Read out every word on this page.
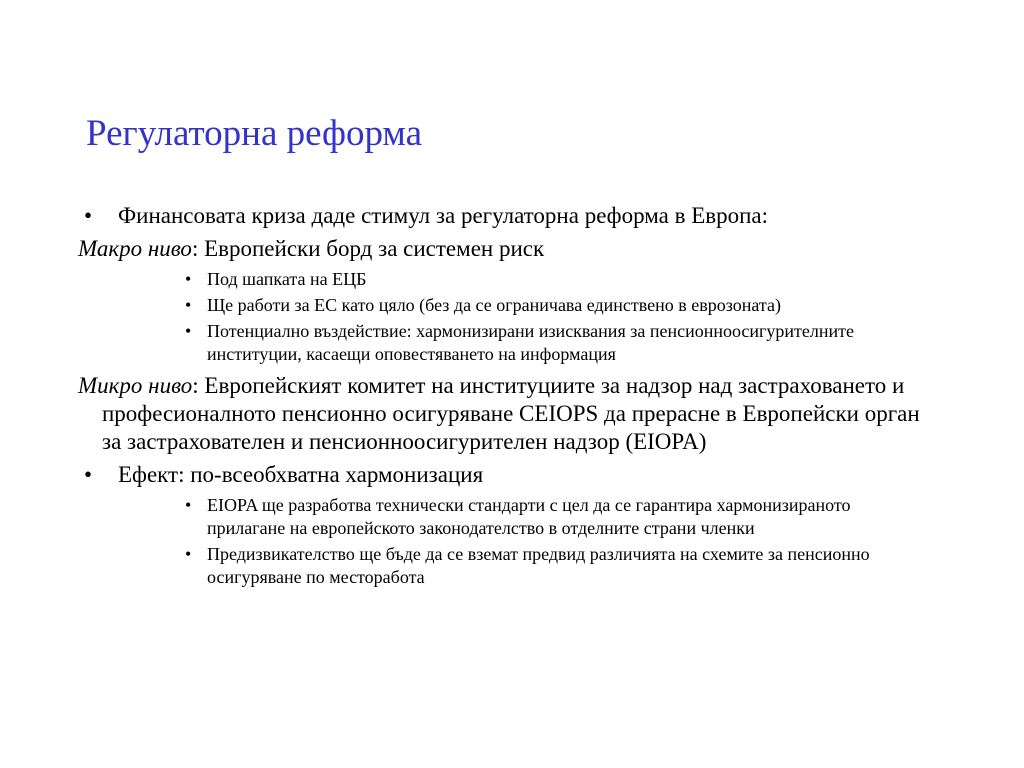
Регулаторна реформа
• Финансовата криза даде стимул за регулаторна реформа в Европа:
Макро ниво: Европейски борд за системен риск
• Под шапката на ЕЦБ
• Ще работи за ЕС като цяло (без да се ограничава единствено в еврозоната)
• Потенциално въздействие: хармонизирани изисквания за пенсионноосигурителните институции, касаещи оповестяването на информация
Микро ниво: Европейският комитет на институциите за надзор над застраховането и професионалното пенсионно осигуряване CEIOPS да прерасне в Европейски орган за застрахователен и пенсионноосигурителен надзор (EIOPA)
• Ефект: по-всеобхватна хармонизация
• EIOPA ще разработва технически стандарти с цел да се гарантира хармонизираното прилагане на европейското законодателство в отделните страни членки
• Предизвикателство ще бъде да се вземат предвид различията на схемите за пенсионно осигуряване по месторабота
